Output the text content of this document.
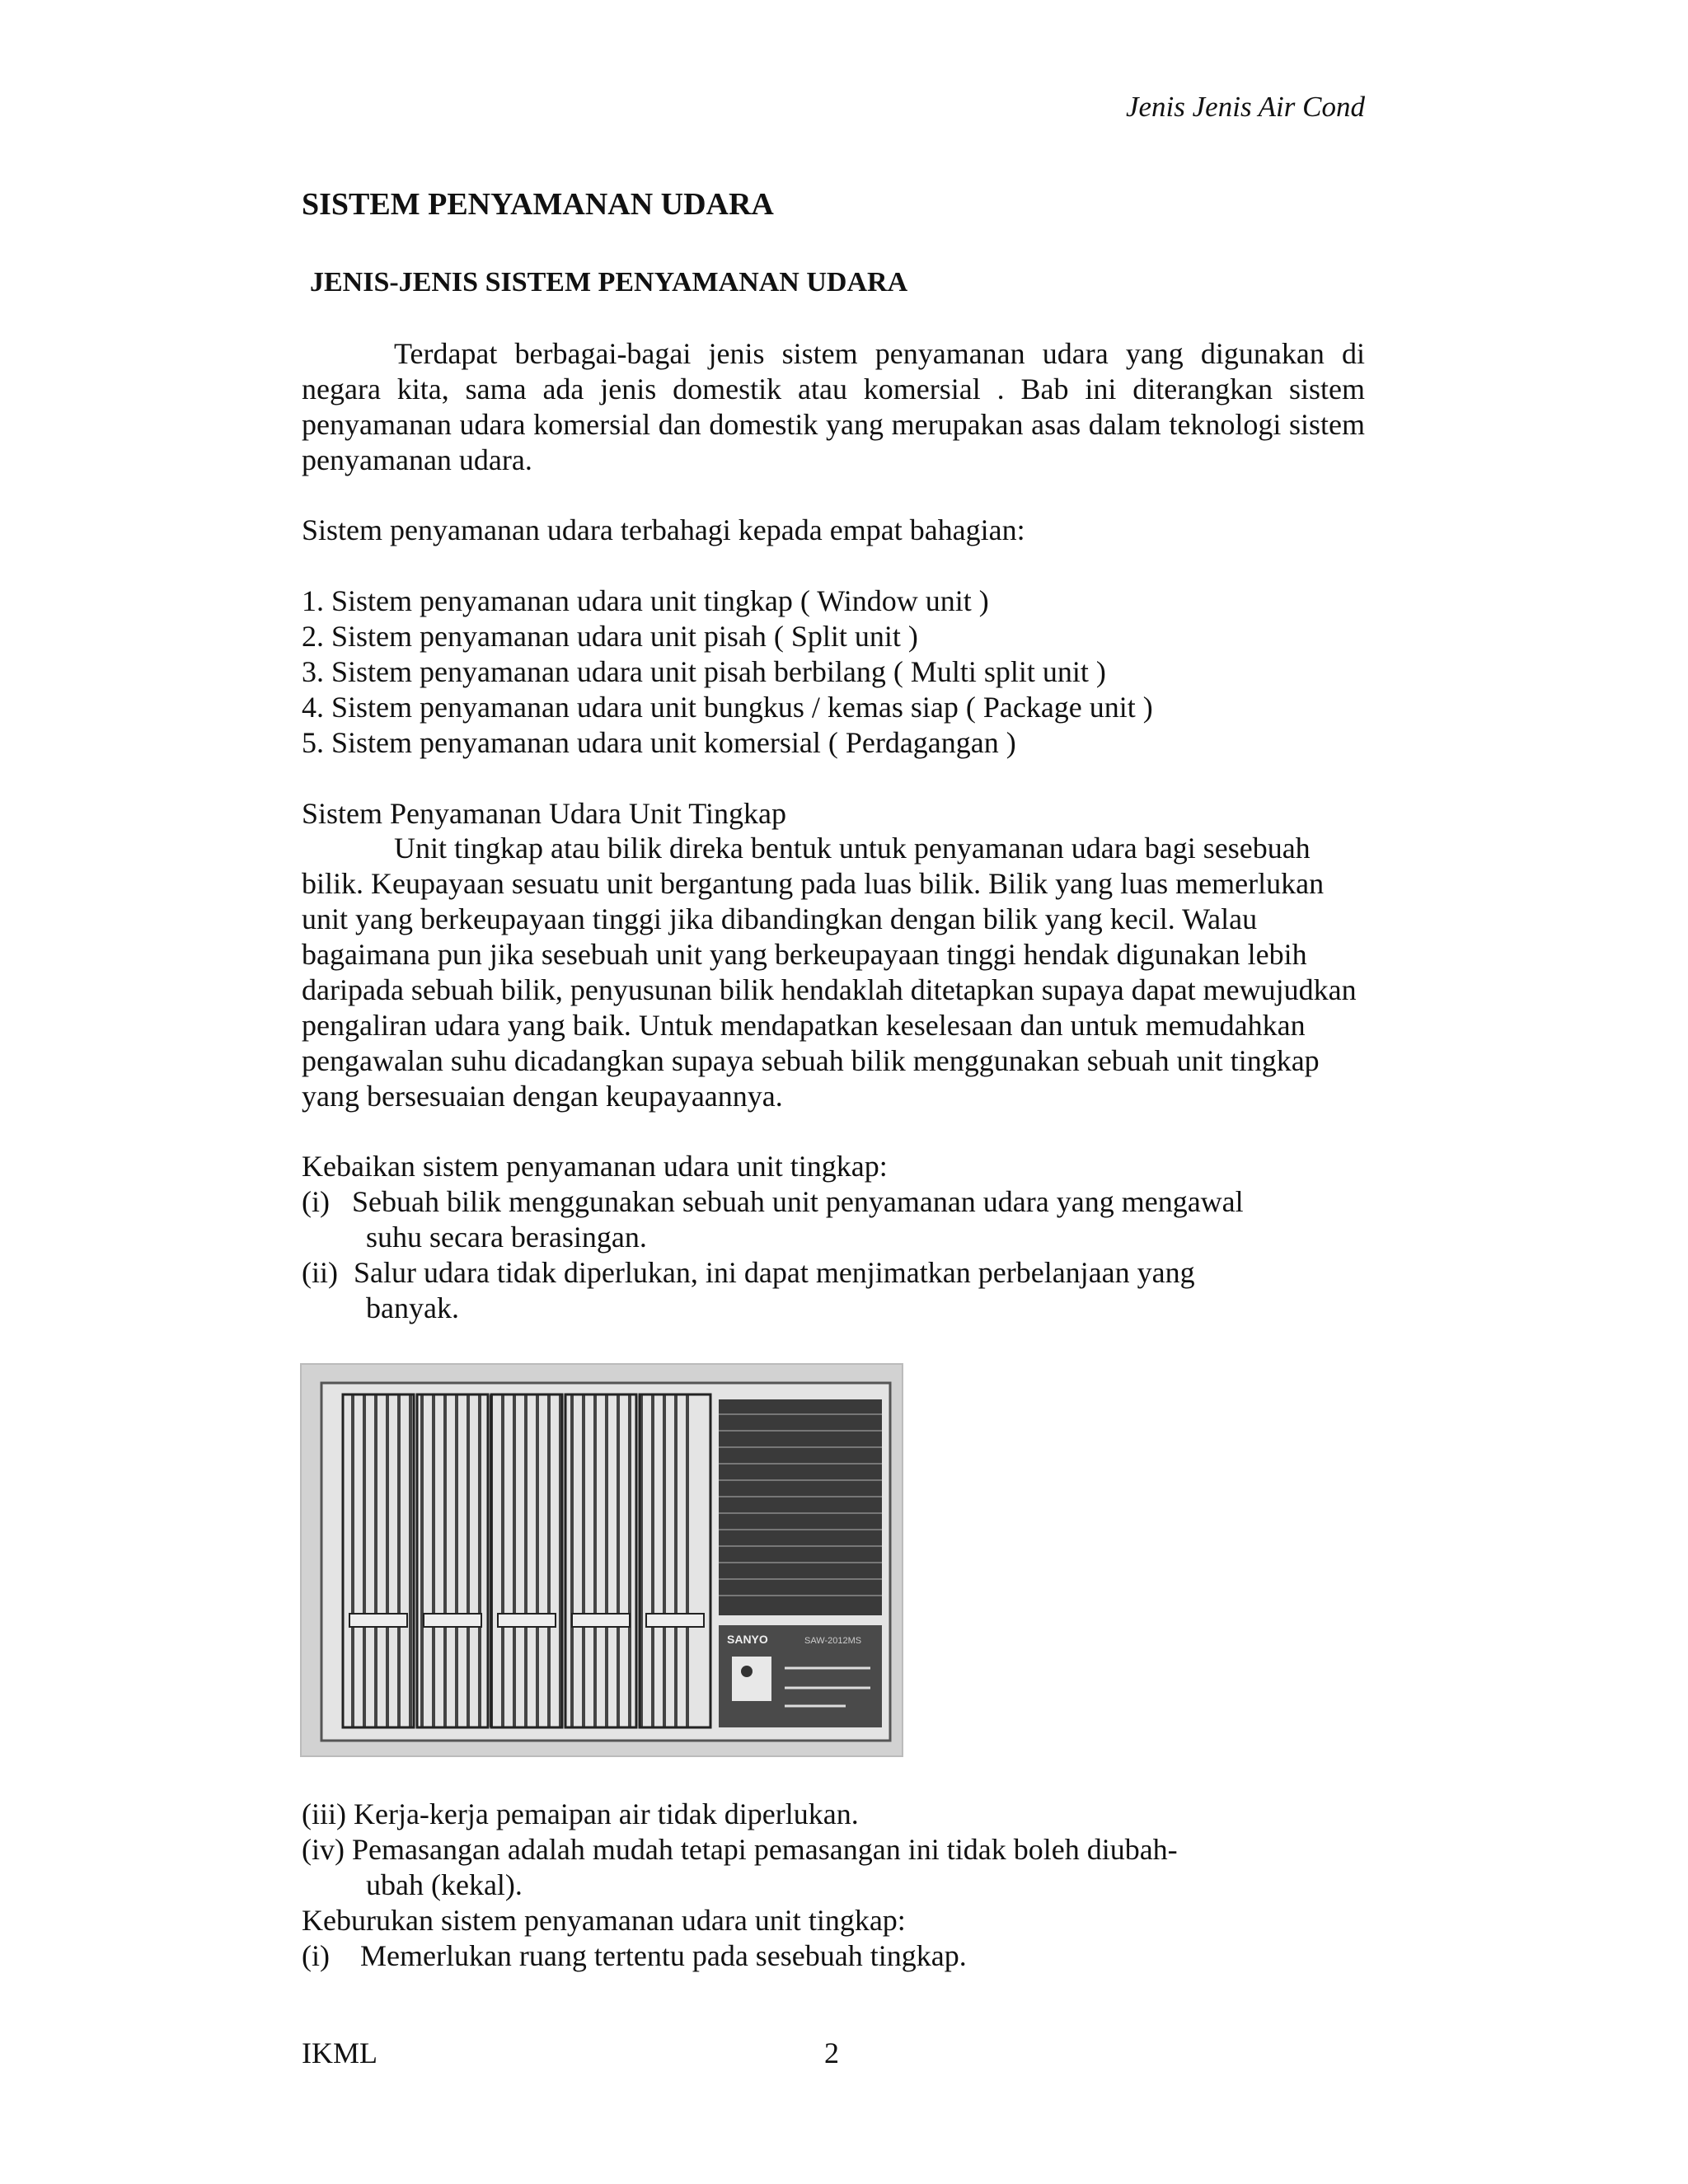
Jenis Jenis Air Cond
SISTEM PENYAMANAN UDARA
JENIS-JENIS SISTEM PENYAMANAN UDARA
Terdapat berbagai-bagai jenis sistem penyamanan udara yang digunakan di negara kita, sama ada jenis domestik atau komersial . Bab ini diterangkan sistem penyamanan udara komersial dan domestik yang merupakan asas dalam teknologi sistem penyamanan udara.
Sistem penyamanan udara terbahagi kepada empat bahagian:
1. Sistem penyamanan udara unit tingkap ( Window unit )
2. Sistem penyamanan udara unit pisah ( Split unit )
3. Sistem penyamanan udara unit pisah berbilang ( Multi split unit )
4. Sistem penyamanan udara unit bungkus / kemas siap ( Package unit )
5. Sistem penyamanan udara unit komersial ( Perdagangan )
Sistem Penyamanan Udara Unit Tingkap
Unit tingkap atau bilik direka bentuk untuk penyamanan udara bagi sesebuah bilik. Keupayaan sesuatu unit bergantung pada luas bilik. Bilik yang luas memerlukan unit yang berkeupayaan tinggi jika dibandingkan dengan bilik yang kecil. Walau bagaimana pun jika sesebuah unit yang berkeupayaan tinggi hendak digunakan lebih daripada sebuah bilik, penyusunan bilik hendaklah ditetapkan supaya dapat mewujudkan pengaliran udara yang baik. Untuk mendapatkan keselesaan dan untuk memudahkan pengawalan suhu dicadangkan supaya sebuah bilik menggunakan sebuah unit tingkap yang bersesuaian dengan keupayaannya.
Kebaikan sistem penyamanan udara unit tingkap:
(i) Sebuah bilik menggunakan sebuah unit penyamanan udara yang mengawal
suhu secara berasingan.
(ii) Salur udara tidak diperlukan, ini dapat menjimatkan perbelanjaan yang
banyak.
SANYO	SAW-2012MS
(iii) Kerja-kerja pemaipan air tidak diperlukan.
(iv) Pemasangan adalah mudah tetapi pemasangan ini tidak boleh diubah-
ubah (kekal).
Keburukan sistem penyamanan udara unit tingkap:
(i) Memerlukan ruang tertentu pada sesebuah tingkap.
IKML	2
